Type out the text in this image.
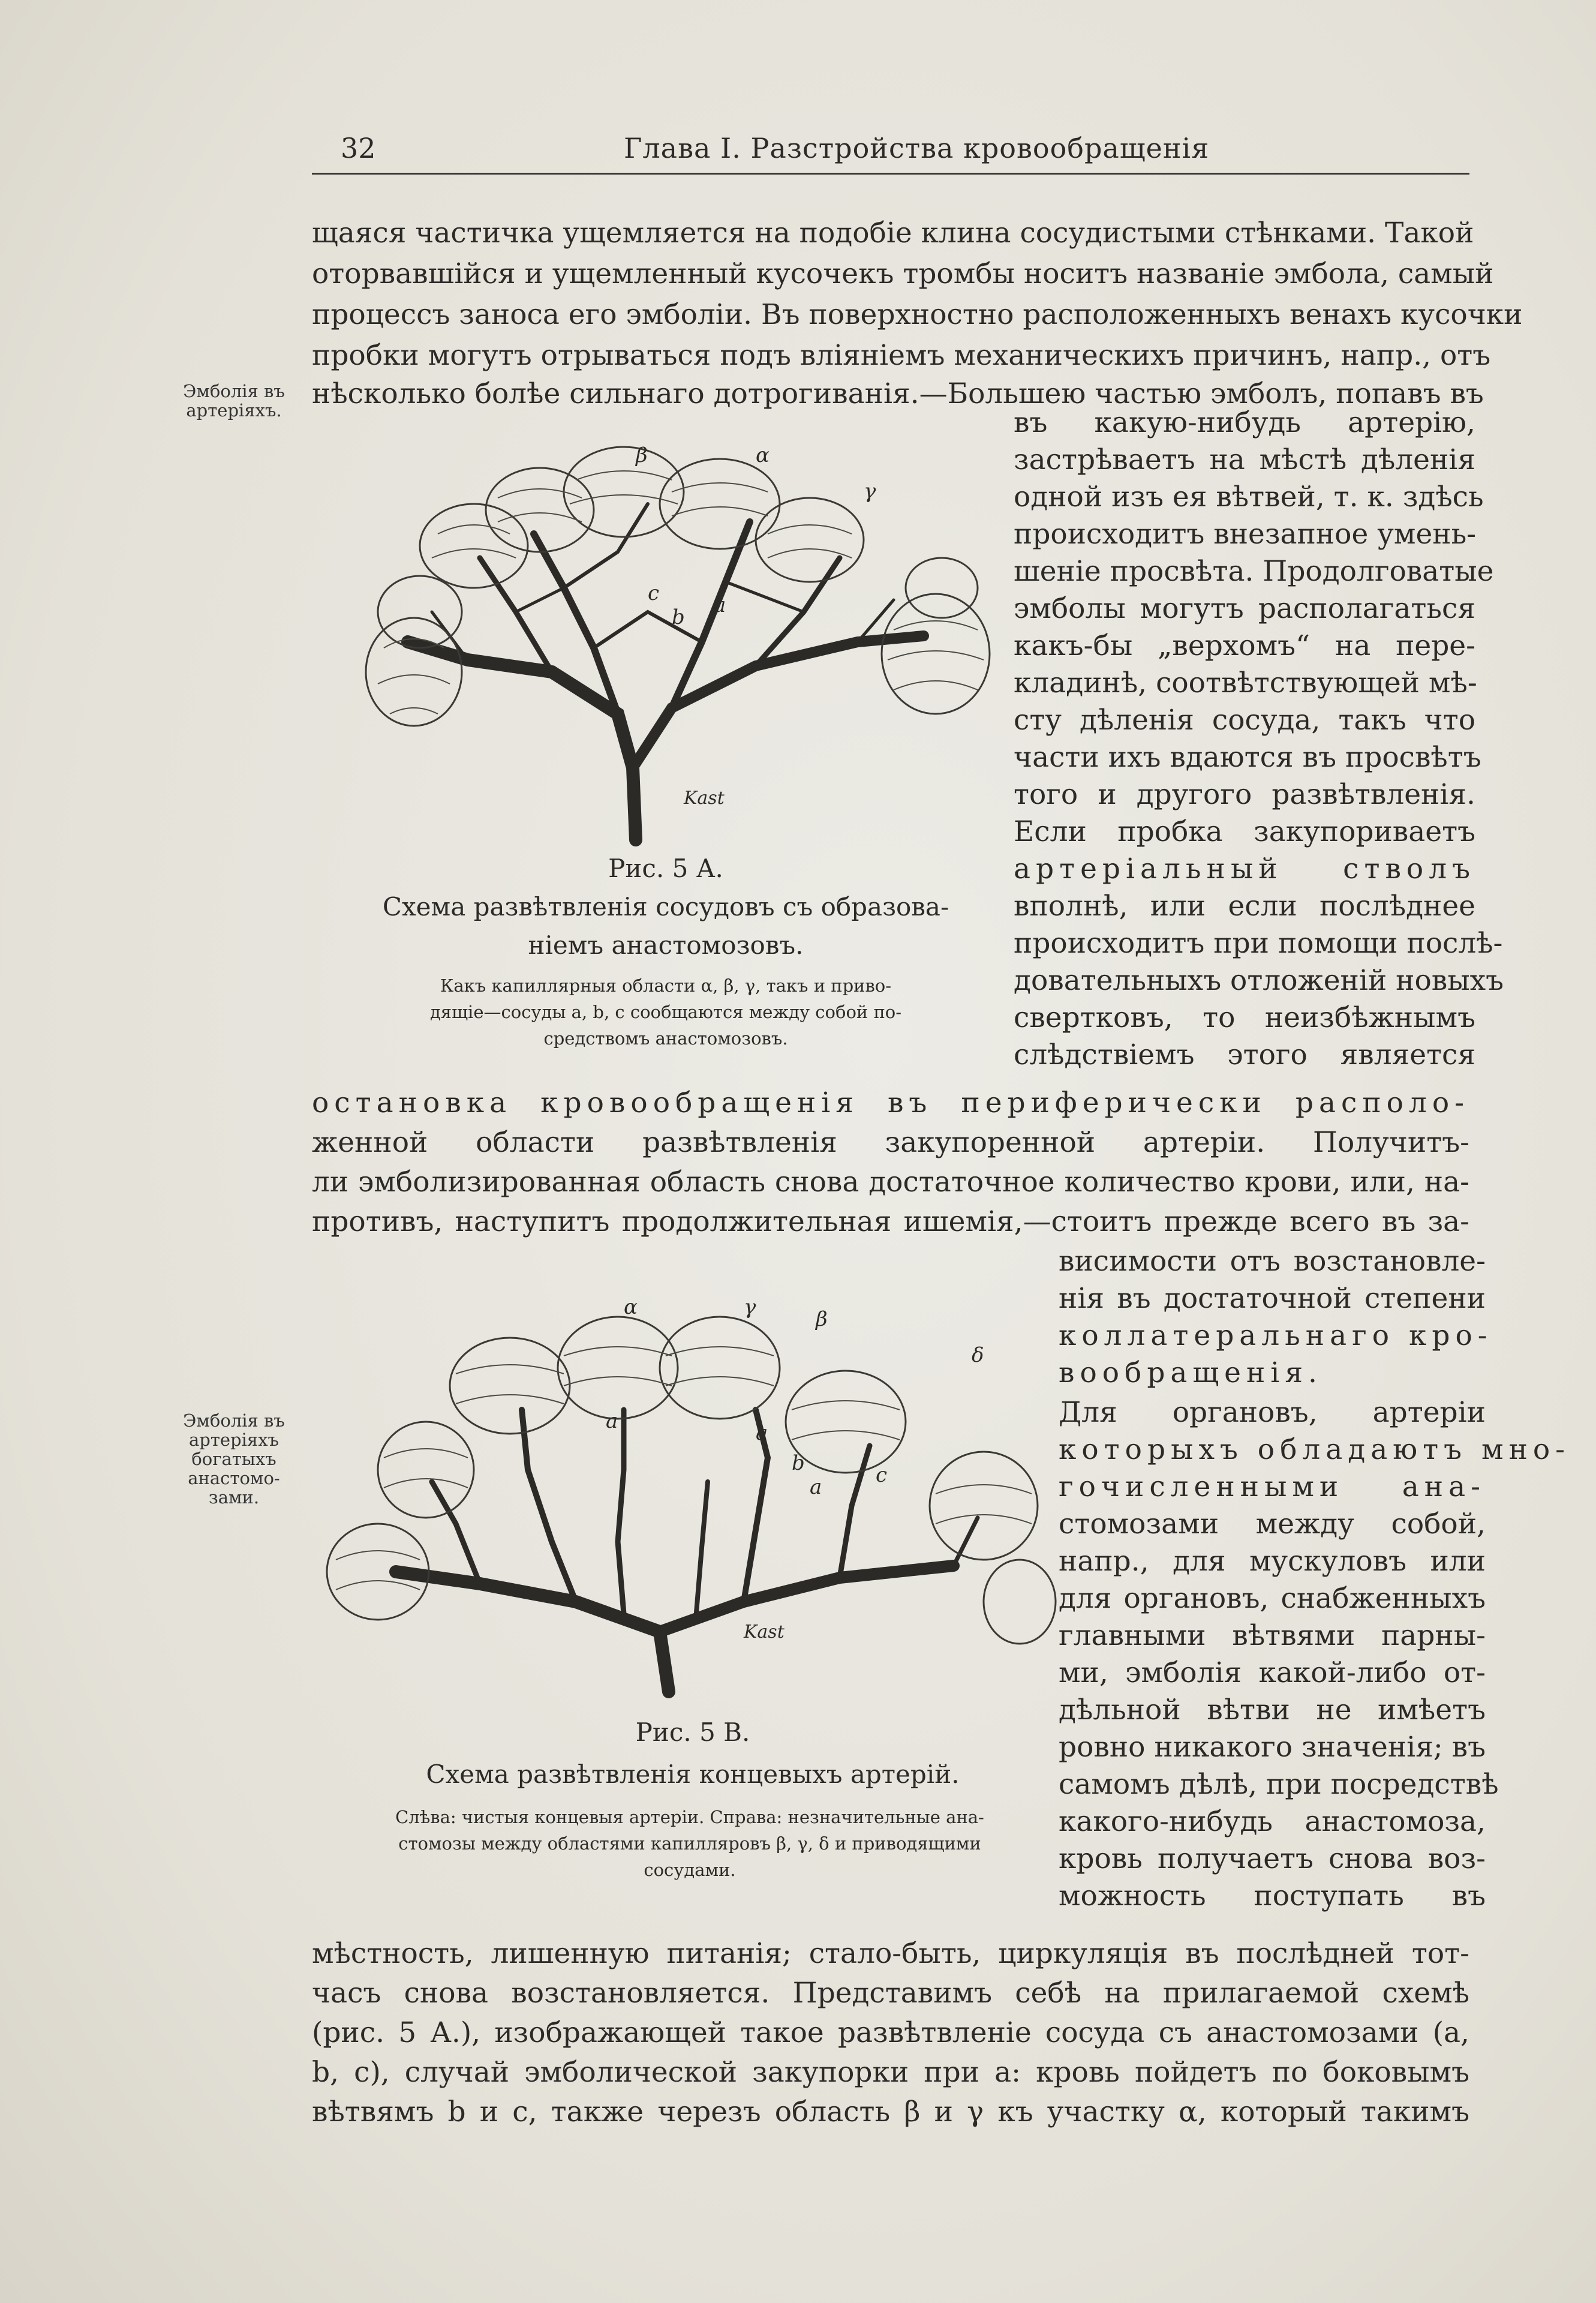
32	Глава I. Разстройства кровообращенія
щаяся частичка ущемляется на подобіе клина сосудистыми стѣнками. Такой
оторвавшійся и ущемленный кусочекъ тромбы носитъ названіе эмбола, самый
процессъ заноса его эмболіи. Въ поверхностно расположенныхъ венахъ кусочки
пробки могутъ отрываться подъ вліяніемъ механическихъ причинъ, напр., отъ
нѣсколько болѣе сильнаго дотрогиванія.—Большею частью эмболъ, попавъ въ
Эмболія въ артеріяхъ.	въ какую-нибудь артерію,
застрѣваетъ на мѣстѣ дѣленія
одной изъ ея вѣтвей, т. к. здѣсь
происходитъ внезапное умень-
шеніе просвѣта. Продолговатые
эмболы могутъ располагаться
какъ-бы „верхомъ“ на пере-
кладинѣ, соотвѣтствующей мѣ-
сту дѣленія сосуда, такъ что
части ихъ вдаются въ просвѣтъ
того и другого развѣтвленія.
Если пробка закупориваетъ
артеріальный стволъ
вполнѣ, или если послѣднее
происходитъ при помощи послѣ-
довательныхъ отложеній новыхъ
свертковъ, то неизбѣжнымъ
слѣдствіемъ этого является
β	α
γ
a
b
c
Kast
Рис. 5 А.
Схема развѣтвленія сосудовъ съ образова-
ніемъ анастомозовъ.
Какъ капиллярныя области α, β, γ, такъ и приво-
дящіе—сосуды a, b, c сообщаются между собой по-
средствомъ анастомозовъ.
остановка кровообращенія въ периферически располо-
женной области развѣтвленія закупоренной артеріи. Получитъ-
ли эмболизированная область снова достаточное количество крови, или, на-
противъ, наступитъ продолжительная ишемія,—стоитъ прежде всего въ за-
Эмболія въ артеріяхъ богатыхъ анастомо-зами.
висимости отъ возстановле-
нія въ достаточной степени
коллатеральнаго кро-
вообращенія.
Для органовъ, артеріи
которыхъ обладаютъ мно-
гочисленными ана-
стомозами между собой,
напр., для мускуловъ или
для органовъ, снабженныхъ
главными вѣтвями парны-
ми, эмболія какой-либо от-
дѣльной вѣтви не имѣетъ
ровно никакого значенія; въ
самомъ дѣлѣ, при посредствѣ
какого-нибудь анастомоза,
кровь получаетъ снова воз-
можность поступать въ
α	γ	β
δ
a	a
b
a	c
Kast
Рис. 5 В.
Схема развѣтвленія концевыхъ артерій.
Слѣва: чистыя концевыя артеріи. Справа: незначительные ана-
стомозы между областями капилляровъ β, γ, δ и приводящими
сосудами.
мѣстность, лишенную питанія; стало-быть, циркуляція въ послѣдней тот-
часъ снова возстановляется. Представимъ себѣ на прилагаемой схемѣ
(рис. 5 А.), изображающей такое развѣтвленіе сосуда съ анастомозами (а,
b, с), случай эмболической закупорки при а: кровь пойдетъ по боковымъ
вѣтвямъ b и c, также черезъ область β и γ къ участку α, который такимъ
